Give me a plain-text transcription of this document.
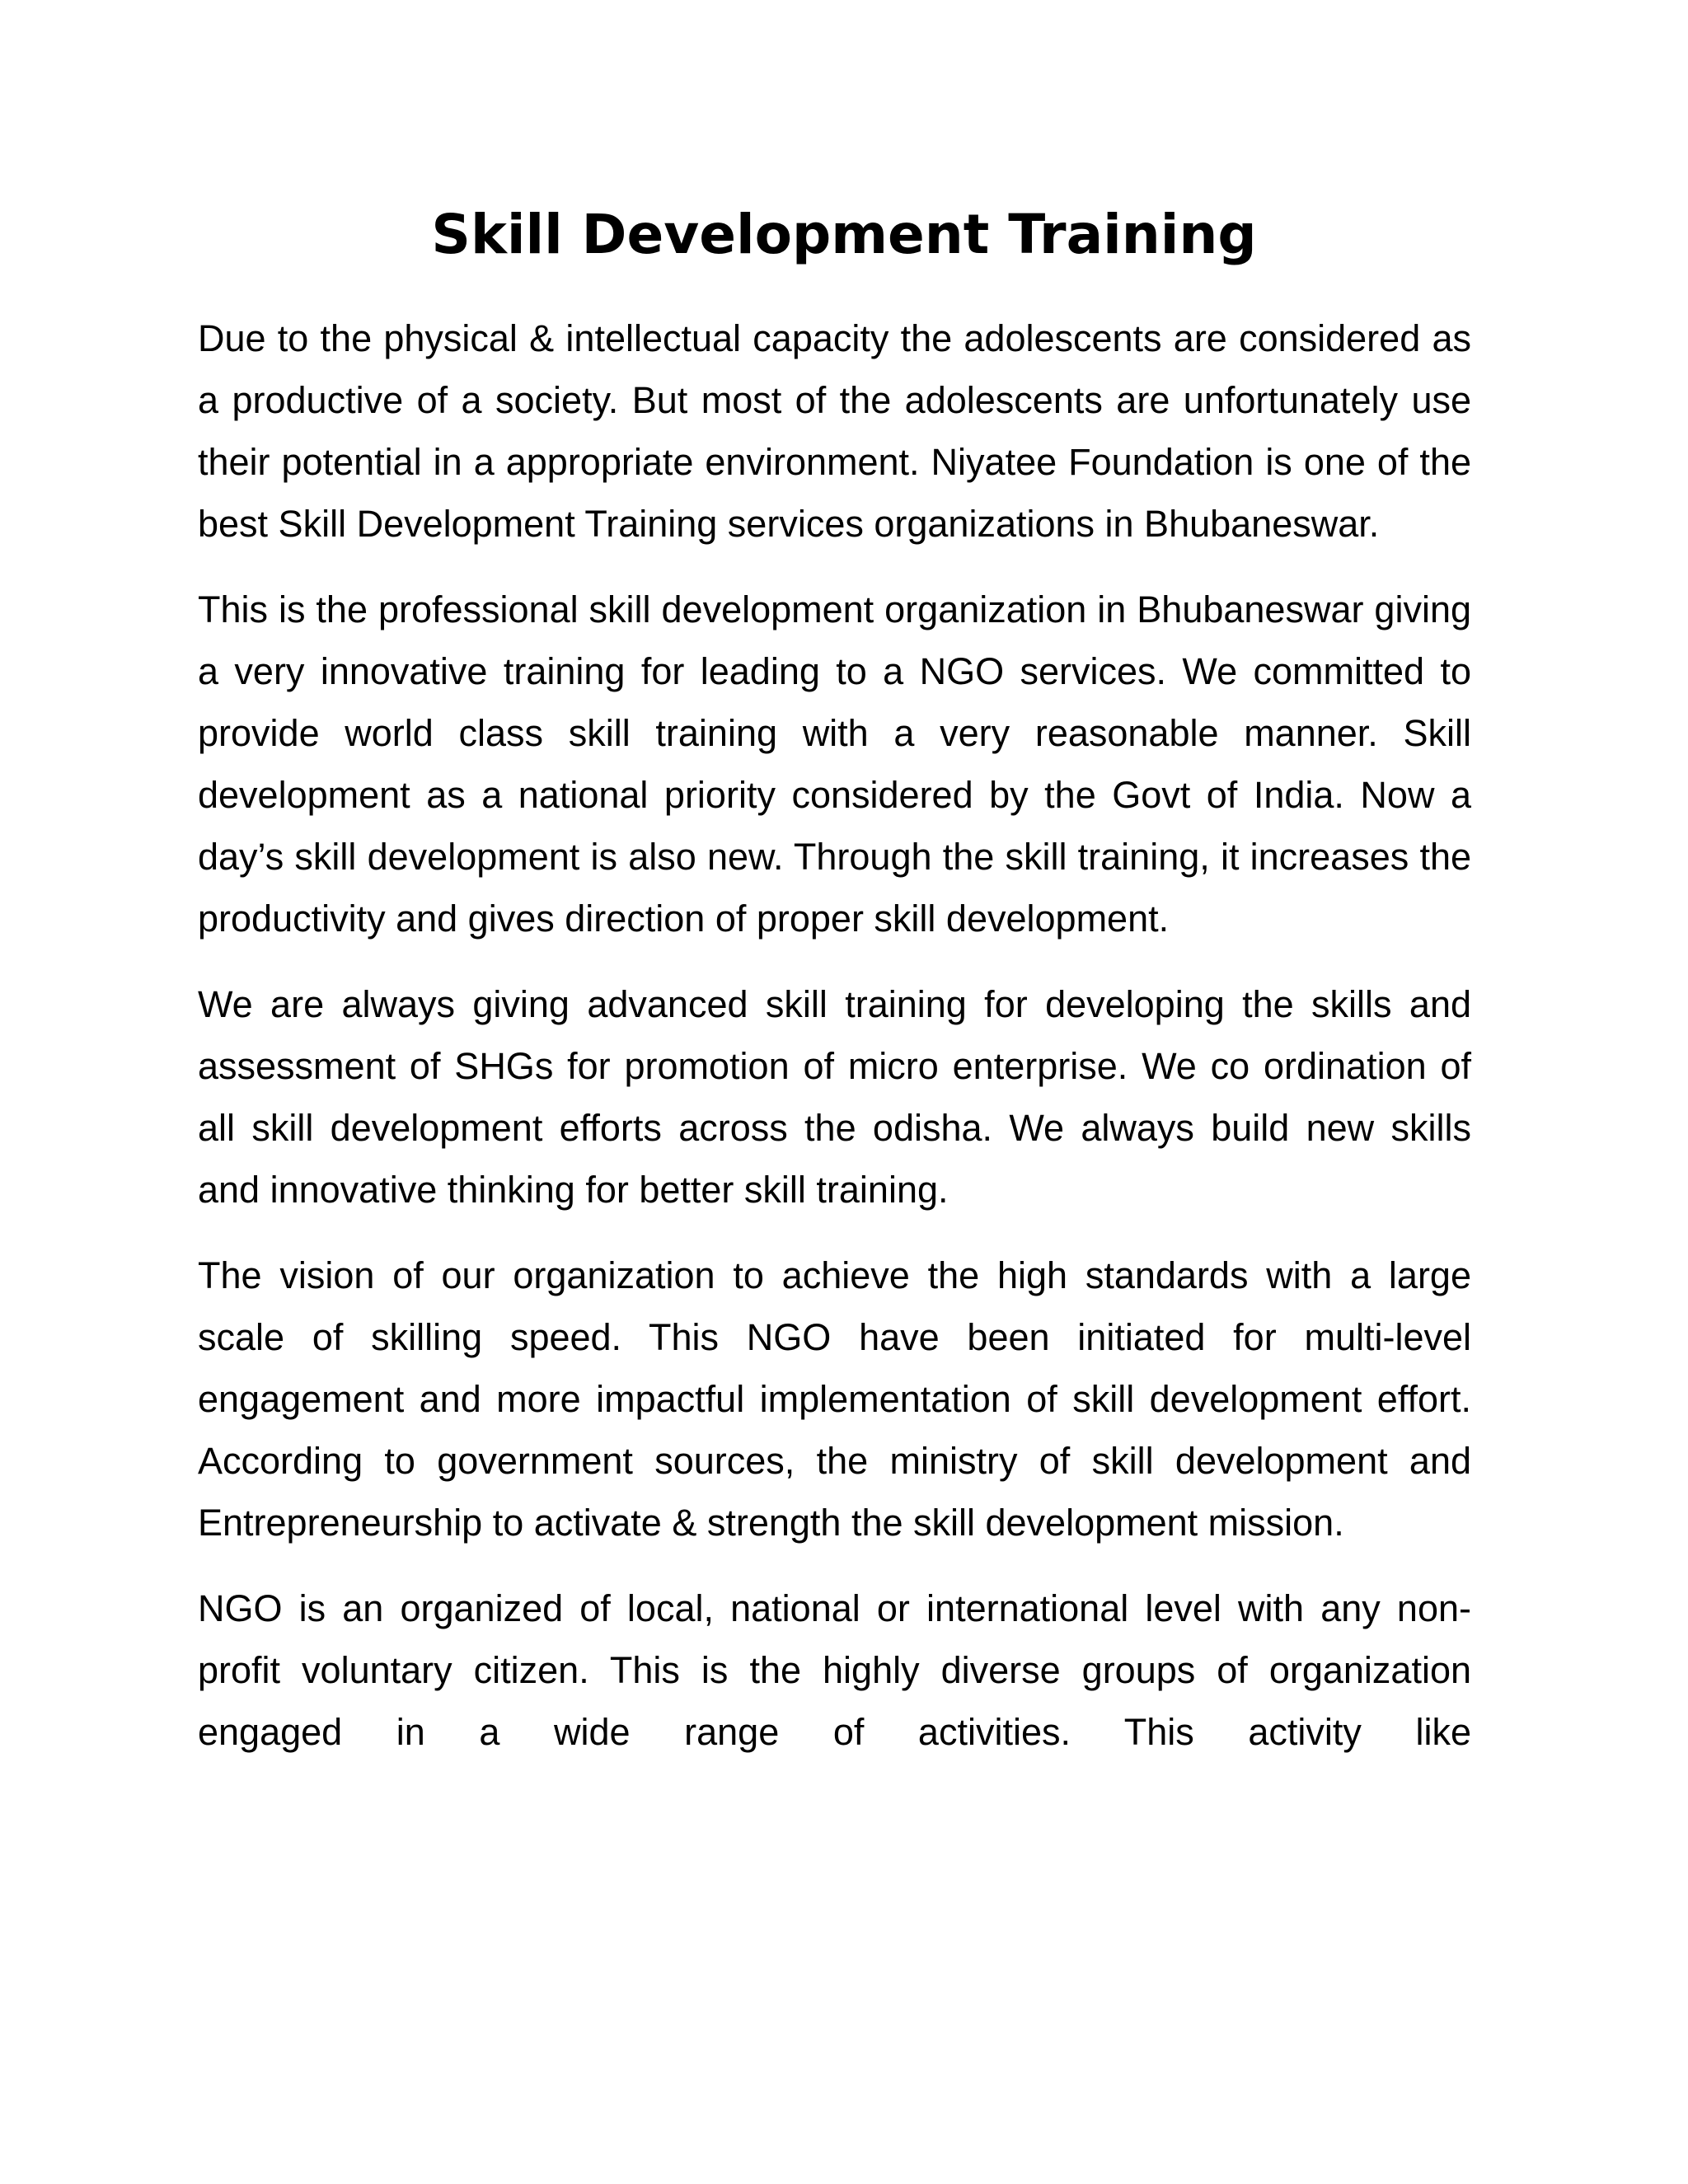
Skill Development Training

Due to the physical & intellectual capacity the adolescents are considered as a productive of a society. But most of the adolescents are unfortunately use their potential in a appropriate environment. Niyatee Foundation is one of the best Skill Development Training services organizations in Bhubaneswar.

This is the professional skill development organization in Bhubaneswar giving a very innovative training for leading to a NGO services. We committed to provide world class skill training with a very reasonable manner. Skill development as a national priority considered by the Govt of India. Now a day’s skill development is also new. Through the skill training, it increases the productivity and gives direction of proper skill development.

We are always giving advanced skill training for developing the skills and assessment of SHGs for promotion of micro enterprise. We co ordination of all skill development efforts across the odisha. We always build new skills and innovative thinking for better skill training.

The vision of our organization to achieve the high standards with a large scale of skilling speed. This NGO have been initiated for multi-level engagement and more impactful implementation of skill development effort. According to government sources, the ministry of skill development and Entrepreneurship to activate & strength the skill development mission.

NGO is an organized of local, national or international level with any non-profit voluntary citizen. This is the highly diverse groups of organization engaged in a wide range of activities. This activity like
